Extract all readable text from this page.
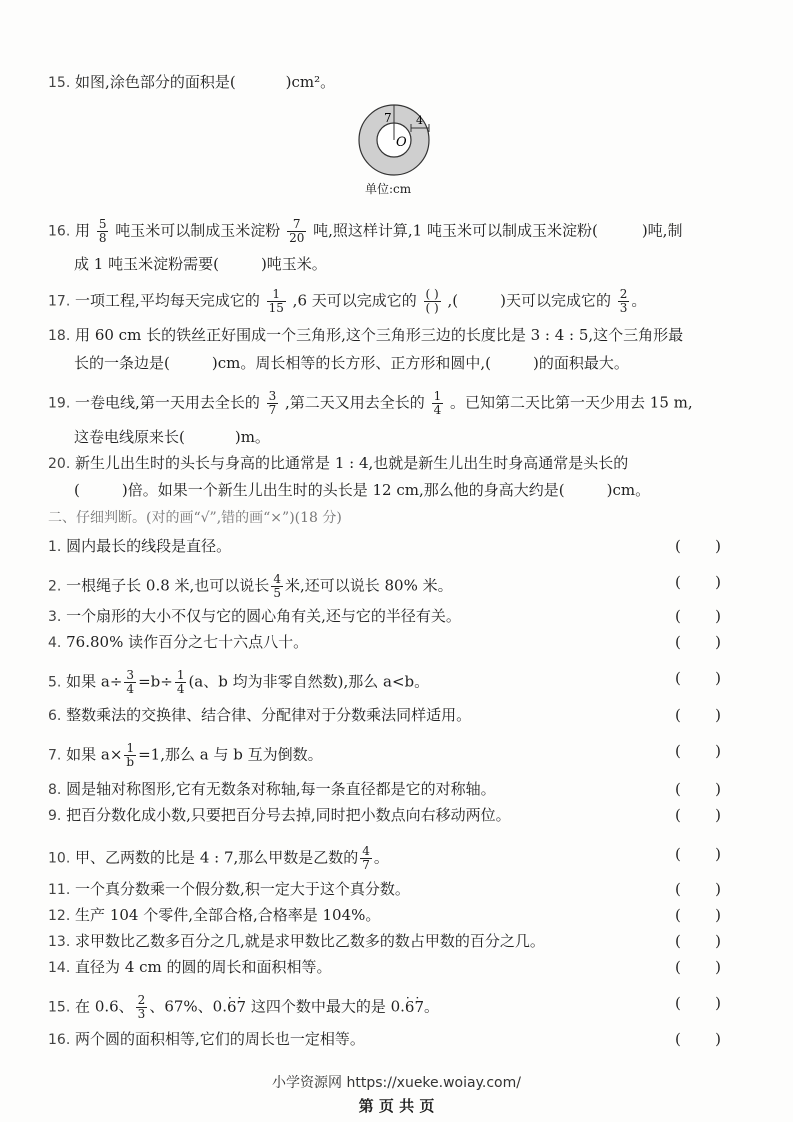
15. 如图,涂色部分的面积是(	)cm²。
7 4
O
单位:cm
16. 用 $\frac{5}{8}$ 吨玉米可以制成玉米淀粉 $\frac{7}{20}$ 吨,照这样计算,1 吨玉米可以制成玉米淀粉(	)吨,制
成 1 吨玉米淀粉需要(	)吨玉米。
17. 一项工程,平均每天完成它的 $\frac{1}{15} ,6$ 天可以完成它的 $\frac{( )}{( )}$ ,(	)天可以完成它的 $\frac{2}{3}$ 。
18. 用 60 cm 长的铁丝正好围成一个三角形,这个三角形三边的长度比是 3 : 4 : 5,这个三角形最
长的一条边是(	)cm。周长相等的长方形、正方形和圆中,(	)的面积最大。
19. 一卷电线,第一天用去全长的 $\frac{3}{7}$ ,第二天又用去全长的 $\frac{1}{4}$ 。已知第二天比第一天少用去 15 m,
这卷电线原来长(	)m。
20. 新生儿出生时的头长与身高的比通常是 1 : 4,也就是新生儿出生时身高通常是头长的
(	)倍。如果一个新生儿出生时的头长是 12 cm,那么他的身高大约是(	)cm。
二、仔细判断。(对的画“√”,错的画“×”)(18 分)
1. 圆内最长的线段是直径。	( )
2. 一根绳子长 0.8 米,也可以说长 $\frac{4}{5}$ 米,还可以说长 80% 米。	( )
3. 一个扇形的大小不仅与它的圆心角有关,还与它的半径有关。	( )
4. 76.80% 读作百分之七十六点八十。	( )
5. 如果 $a\div \frac{3}{4} =b\div \frac{1}{4} (a$、b 均为非零自然数),那么 a<b。	( )
6. 整数乘法的交换律、结合律、分配律对于分数乘法同样适用。	( )
7. 如果 $a\times \frac{1}{b} =1$,那么 a 与 b 互为倒数。	( )
8. 圆是轴对称图形,它有无数条对称轴,每一条直径都是它的对称轴。	( )
9. 把百分数化成小数,只要把百分号去掉,同时把小数点向右移动两位。	( )
10. 甲、乙两数的比是 4 : 7,那么甲数是乙数的 $\frac{4}{7}$ 。	( )
11. 一个真分数乘一个假分数,积一定大于这个真分数。	( )
12. 生产 104 个零件,全部合格,合格率是 104%。	( )
13. 求甲数比乙数多百分之几,就是求甲数比乙数多的数占甲数的百分之几。	( )
14. 直径为 4 cm 的圆的周长和面积相等。	( )
15. 在 0.6、 $\frac{2}{3}$ 、67%、0.· 6· 7 这四个数中最大的是 0.· 6· 7。	( )
16. 两个圆的面积相等,它们的周长也一定相等。	( )
小学资源网 https://xueke.woiay.com/
第 页 共 页
